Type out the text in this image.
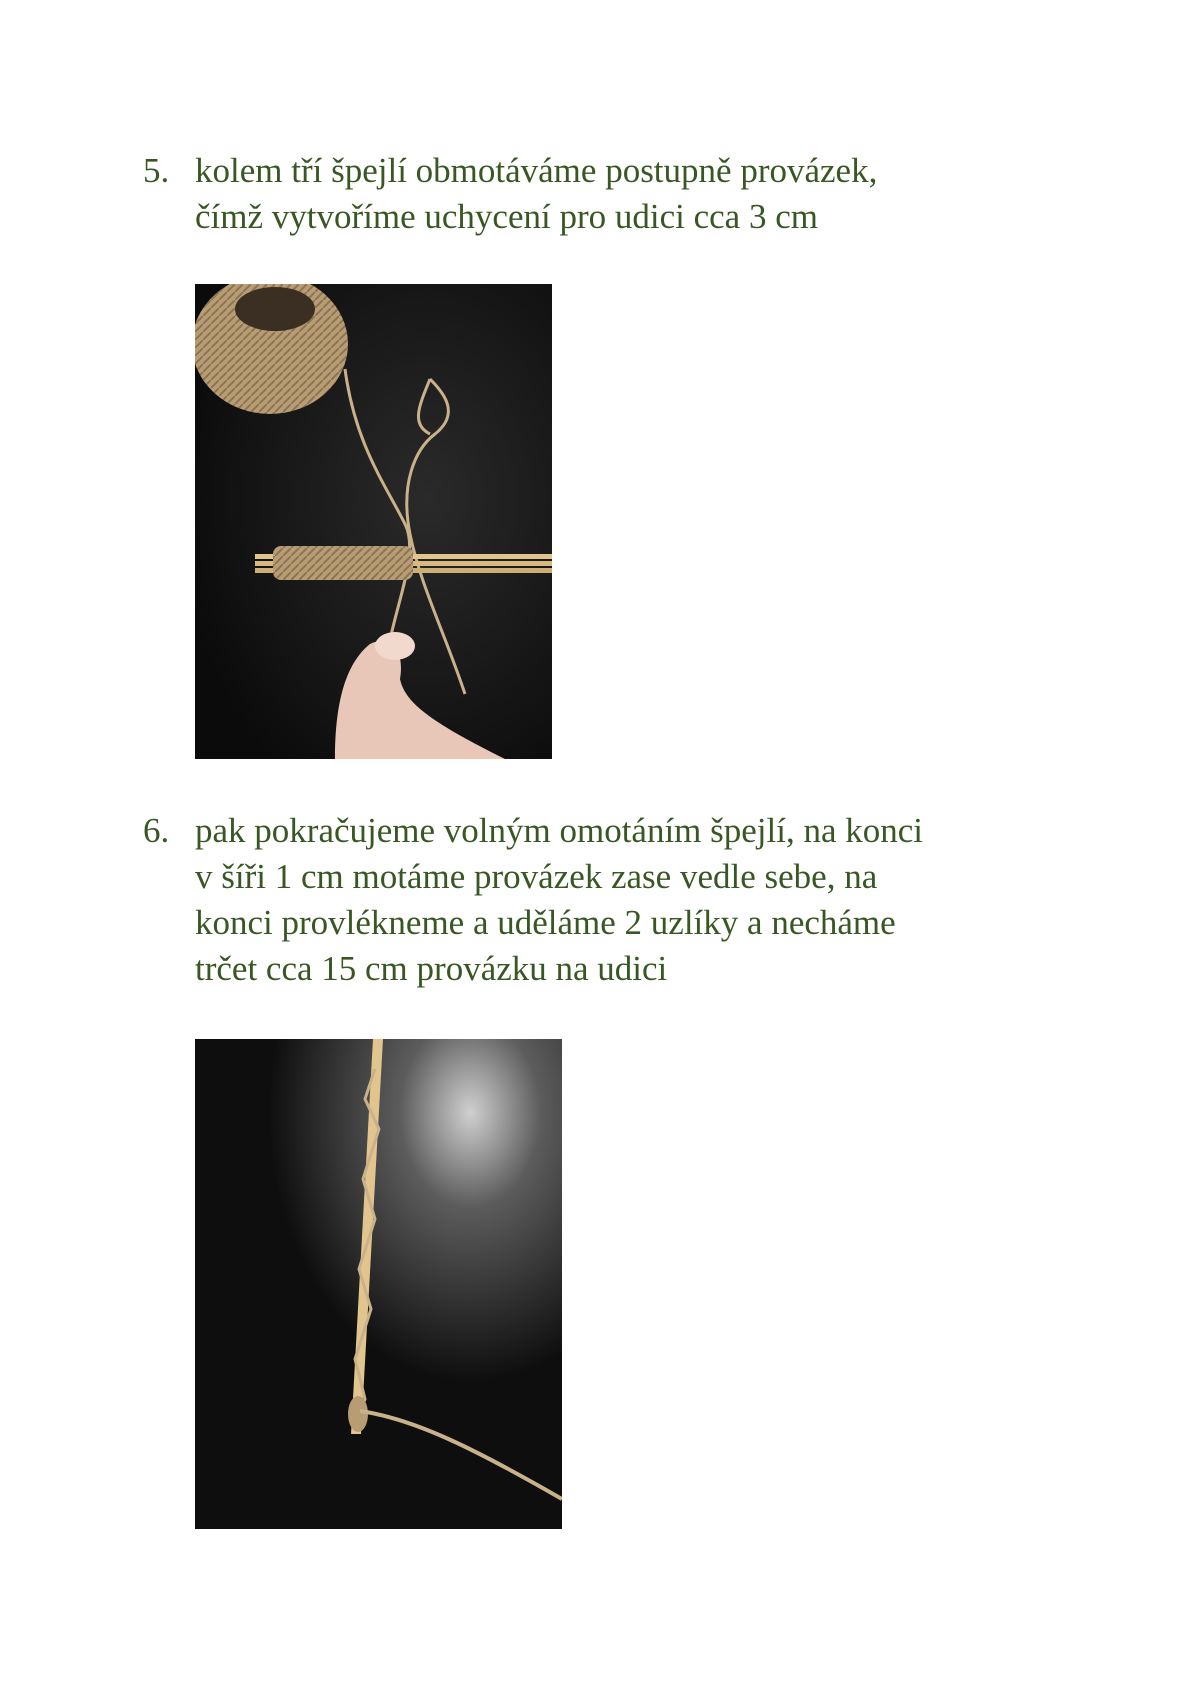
5. kolem tří špejlí obmotáváme postupně provázek,
čímž vytvoříme uchycení pro udici cca 3 cm
6. pak pokračujeme volným omotáním špejlí, na konci
v šíři 1 cm motáme provázek zase vedle sebe, na
konci provlékneme a uděláme 2 uzlíky a necháme
trčet cca 15 cm provázku na udici
